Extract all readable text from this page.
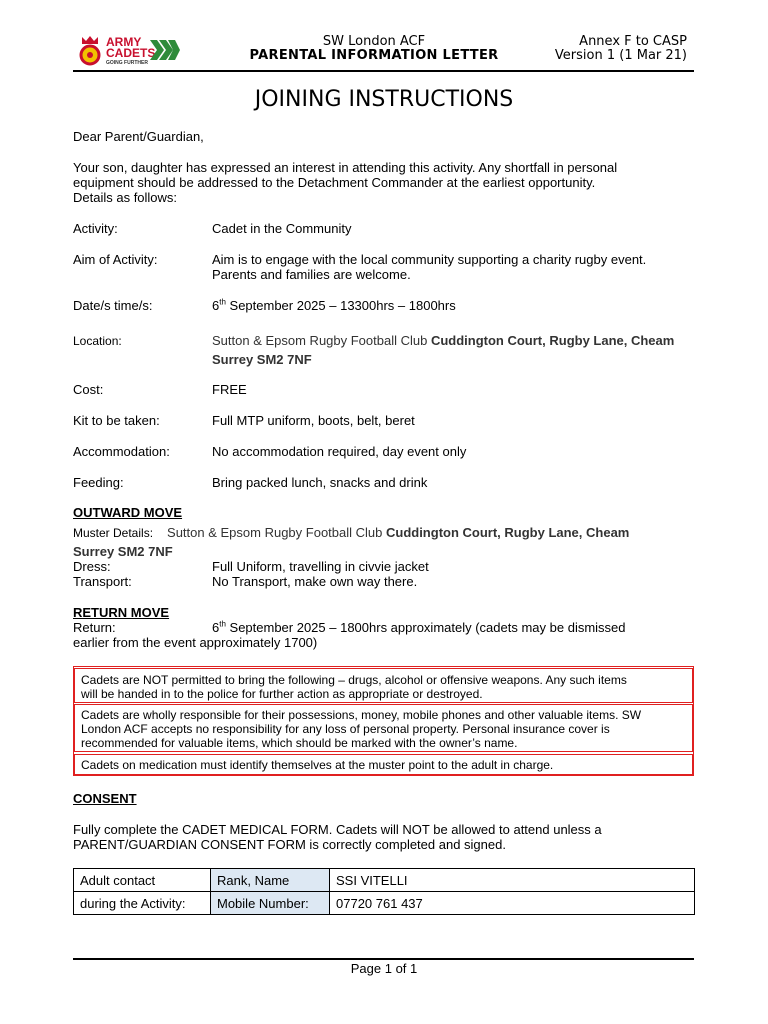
ARMY
CADETS
GOING FURTHER
SW London ACF
PARENTAL INFORMATION LETTER
Annex F to CASP
Version 1 (1 Mar 21)
JOINING INSTRUCTIONS
Dear Parent/Guardian,
Your son, daughter has expressed an interest in attending this activity. Any shortfall in personal
equipment should be addressed to the Detachment Commander at the earliest opportunity.
Details as follows:
Activity:	Cadet in the Community
Aim of Activity:	Aim is to engage with the local community supporting a charity rugby event.
Parents and families are welcome.
Date/s time/s:	6th September 2025 – 13300hrs – 1800hrs
Location:	Sutton & Epsom Rugby Football Club Cuddington Court, Rugby Lane, Cheam
Surrey SM2 7NF
Cost:	FREE
Kit to be taken:	Full MTP uniform, boots, belt, beret
Accommodation:	No accommodation required, day event only
Feeding:	Bring packed lunch, snacks and drink
OUTWARD MOVE
Muster Details: Sutton & Epsom Rugby Football Club Cuddington Court, Rugby Lane, Cheam
Surrey SM2 7NF
Dress:	Full Uniform, travelling in civvie jacket
Transport:	No Transport, make own way there.
RETURN MOVE
Return:	6th September 2025 – 1800hrs approximately (cadets may be dismissed
earlier from the event approximately 1700)
Cadets are NOT permitted to bring the following – drugs, alcohol or offensive weapons. Any such items
will be handed in to the police for further action as appropriate or destroyed.
Cadets are wholly responsible for their possessions, money, mobile phones and other valuable items. SW
London ACF accepts no responsibility for any loss of personal property. Personal insurance cover is
recommended for valuable items, which should be marked with the owner’s name.
Cadets on medication must identify themselves at the muster point to the adult in charge.
CONSENT
Fully complete the CADET MEDICAL FORM. Cadets will NOT be allowed to attend unless a
PARENT/GUARDIAN CONSENT FORM is correctly completed and signed.
Adult contact	Rank, Name	SSI VITELLI
during the Activity:	Mobile Number:	07720 761 437
Page 1 of 1
